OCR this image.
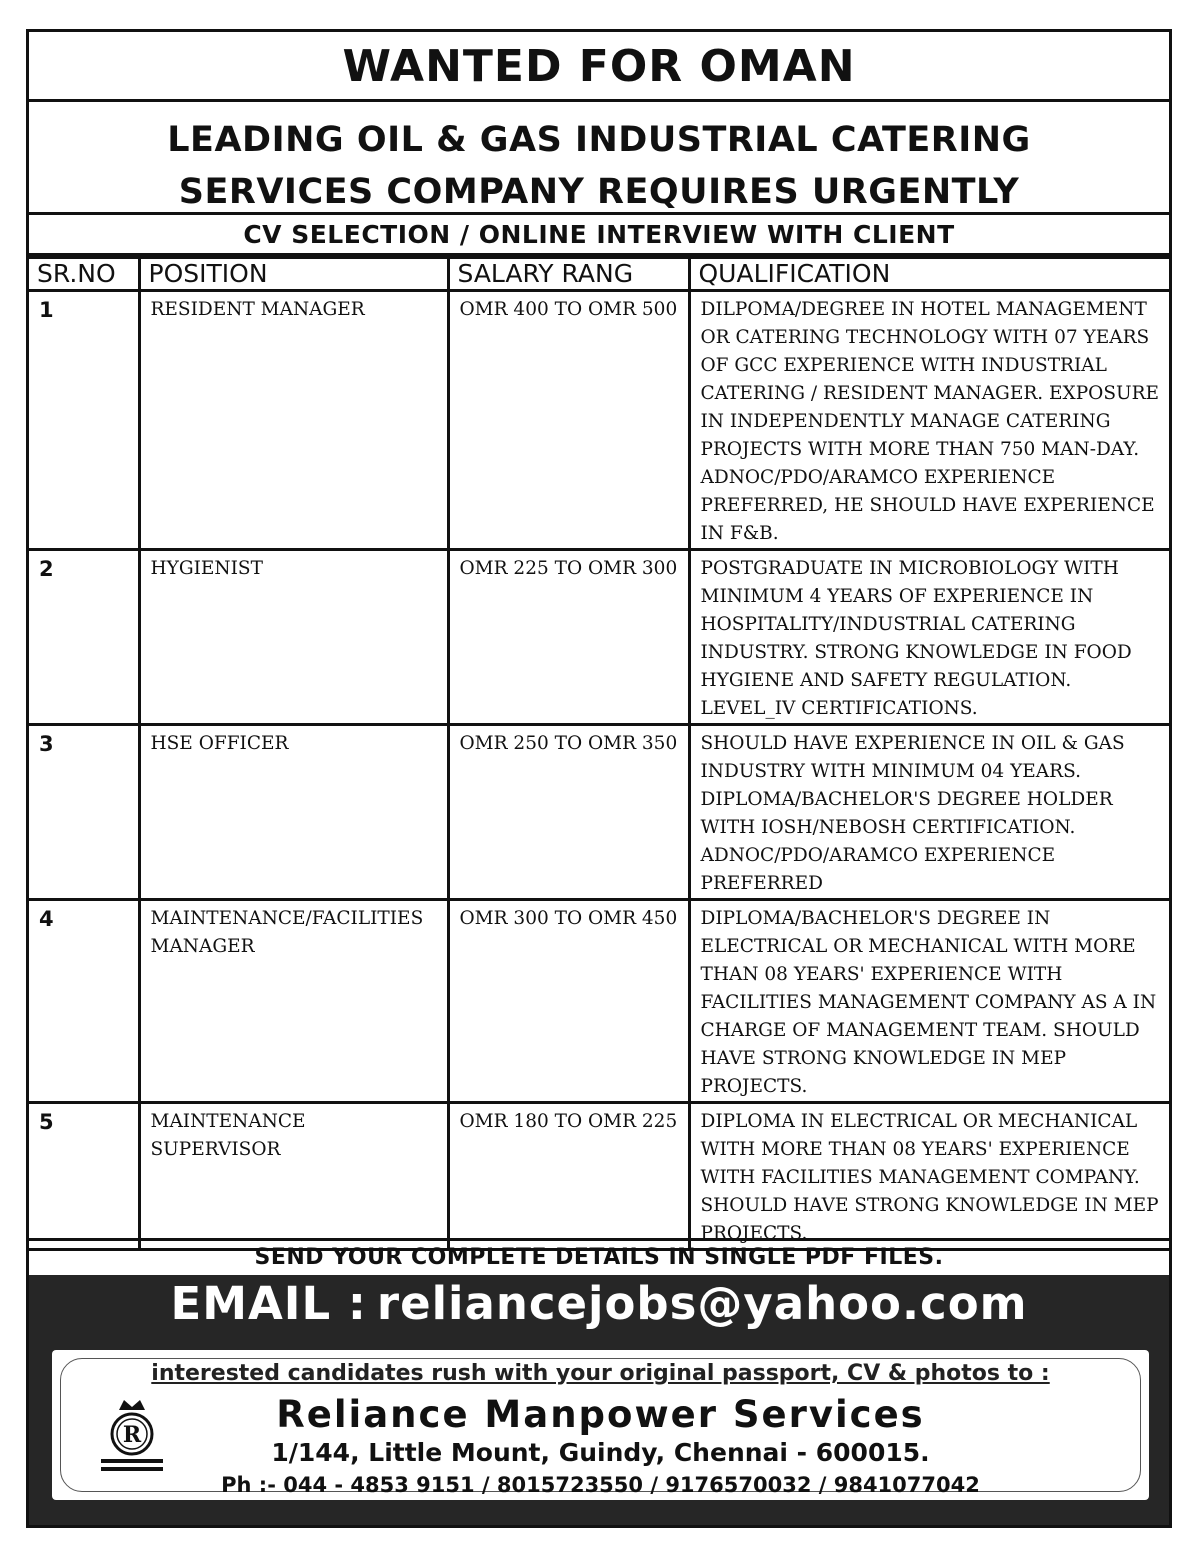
WANTED FOR OMAN
LEADING OIL & GAS INDUSTRIAL CATERING
SERVICES COMPANY REQUIRES URGENTLY
CV SELECTION / ONLINE INTERVIEW WITH CLIENT
SR.NO	POSITION	SALARY RANG	QUALIFICATION
1	RESIDENT MANAGER	OMR 400 TO OMR 500	DILPOMA/DEGREE IN HOTEL MANAGEMENT OR CATERING TECHNOLOGY WITH 07 YEARS OF GCC EXPERIENCE WITH INDUSTRIAL CATERING / RESIDENT MANAGER. EXPOSURE IN INDEPENDENTLY MANAGE CATERING PROJECTS WITH MORE THAN 750 MAN-DAY. ADNOC/PDO/ARAMCO EXPERIENCE PREFERRED, HE SHOULD HAVE EXPERIENCE IN F&B.
2	HYGIENIST	OMR 225 TO OMR 300	POSTGRADUATE IN MICROBIOLOGY WITH MINIMUM 4 YEARS OF EXPERIENCE IN HOSPITALITY/INDUSTRIAL CATERING INDUSTRY. STRONG KNOWLEDGE IN FOOD HYGIENE AND SAFETY REGULATION. LEVEL_IV CERTIFICATIONS.
3	HSE OFFICER	OMR 250 TO OMR 350	SHOULD HAVE EXPERIENCE IN OIL & GAS INDUSTRY WITH MINIMUM 04 YEARS. DIPLOMA/BACHELOR'S DEGREE HOLDER WITH IOSH/NEBOSH CERTIFICATION. ADNOC/PDO/ARAMCO EXPERIENCE PREFERRED
4	MAINTENANCE/FACILITIES MANAGER	OMR 300 TO OMR 450	DIPLOMA/BACHELOR'S DEGREE IN ELECTRICAL OR MECHANICAL WITH MORE THAN 08 YEARS' EXPERIENCE WITH FACILITIES MANAGEMENT COMPANY AS A IN CHARGE OF MANAGEMENT TEAM. SHOULD HAVE STRONG KNOWLEDGE IN MEP PROJECTS.
5	MAINTENANCE SUPERVISOR	OMR 180 TO OMR 225	DIPLOMA IN ELECTRICAL OR MECHANICAL WITH MORE THAN 08 YEARS' EXPERIENCE WITH FACILITIES MANAGEMENT COMPANY. SHOULD HAVE STRONG KNOWLEDGE IN MEP PROJECTS.
SEND YOUR COMPLETE DETAILS IN SINGLE PDF FILES.
EMAIL : reliancejobs@yahoo.com
interested candidates rush with your original passport, CV & photos to :
R	Reliance Manpower Services
1/144, Little Mount, Guindy, Chennai - 600015.
Ph :- 044 - 4853 9151 / 8015723550 / 9176570032 / 9841077042
